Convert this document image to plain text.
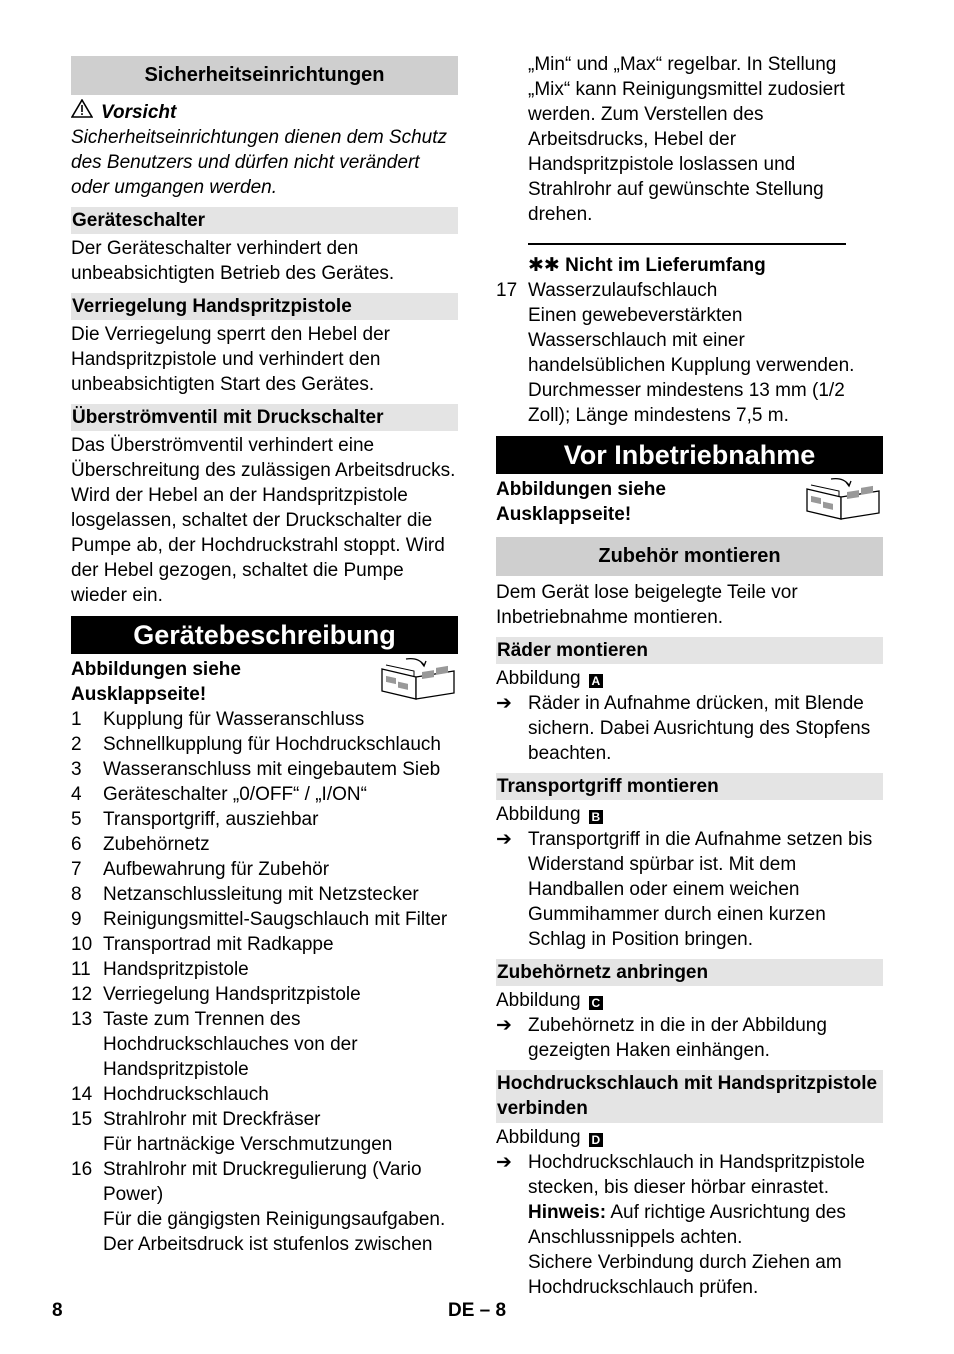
Sicherheitseinrichtungen
Vorsicht

Sicherheitseinrichtungen dienen dem Schutz des Benutzers und dürfen nicht verändert oder umgangen werden.

Geräteschalter

Der Geräteschalter verhindert den unbeabsichtigten Betrieb des Gerätes.

Verriegelung Handspritzpistole

Die Verriegelung sperrt den Hebel der Handspritzpistole und verhindert den unbeabsichtigten Start des Gerätes.

Überströmventil mit Druckschalter

Das Überströmventil verhindert eine Überschreitung des zulässigen Arbeitsdrucks. Wird der Hebel an der Handspritzpistole losgelassen, schaltet der Druckschalter die Pumpe ab, der Hochdruckstrahl stoppt. Wird der Hebel gezogen, schaltet die Pumpe wieder ein.

Gerätebeschreibung
Abbildungen siehe Ausklappseite!
1	Kupplung für Wasseranschluss
2	Schnellkupplung für Hochdruckschlauch
3	Wasseranschluss mit eingebautem Sieb
4	Geräteschalter „0/OFF“ / „I/ON“
5	Transportgriff, ausziehbar
6	Zubehörnetz
7	Aufbewahrung für Zubehör
8	Netzanschlussleitung mit Netzstecker
9	Reinigungsmittel-Saugschlauch mit Filter
10 Transportrad mit Radkappe
11 Handspritzpistole
12 Verriegelung Handspritzpistole
13 Taste zum Trennen des Hochdruckschlauches von der Handspritzpistole
14 Hochdruckschlauch
15 Strahlrohr mit Dreckfräser

Für hartnäckige Verschmutzungen

16 Strahlrohr mit Druckregulierung (Vario Power)

Für die gängigsten Reinigungsaufgaben. Der Arbeitsdruck ist stufenlos zwischen

„Min“ und „Max“ regelbar. In Stellung „Mix“ kann Reinigungsmittel zudosiert werden. Zum Verstellen des Arbeitsdrucks, Hebel der Handspritzpistole loslassen und Strahlrohr auf gewünschte Stellung drehen.

✱✱ Nicht im Lieferumfang

17 Wasserzulaufschlauch

Einen gewebeverstärkten Wasserschlauch mit einer handelsüblichen Kupplung verwenden. Durchmesser mindestens 13 mm (1/2 Zoll); Länge mindestens 7,5 m.

Vor Inbetriebnahme
Abbildungen siehe Ausklappseite!
Zubehör montieren

Dem Gerät lose beigelegte Teile vor Inbetriebnahme montieren.

Räder montieren

Abbildung A

➔ Räder in Aufnahme drücken, mit Blende sichern. Dabei Ausrichtung des Stopfens beachten.
Transportgriff montieren

Abbildung B

➔ Transportgriff in die Aufnahme setzen bis Widerstand spürbar ist. Mit dem Handballen oder einem weichen Gummihammer durch einen kurzen Schlag in Position bringen.
Zubehörnetz anbringen

Abbildung C

➔ Zubehörnetz in die in der Abbildung gezeigten Haken einhängen.
Hochdruckschlauch mit Handspritzpistole verbinden

Abbildung D

➔ Hochdruckschlauch in Handspritzpistole stecken, bis dieser hörbar einrastet.
Hinweis: Auf richtige Ausrichtung des Anschlussnippels achten.
Sichere Verbindung durch Ziehen am Hochdruckschlauch prüfen.
8	DE – 8
